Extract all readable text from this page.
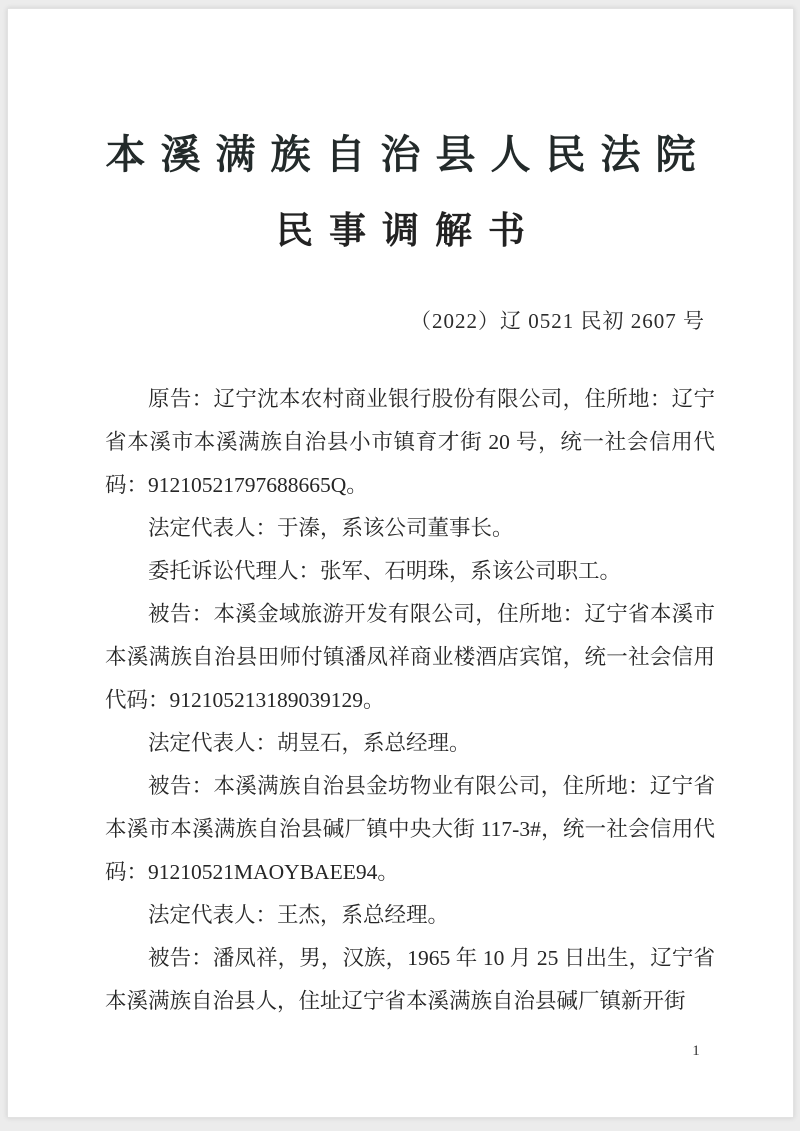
本溪满族自治县人民法院
民事调解书
（2022）辽 0521 民初 2607 号

原告：辽宁沈本农村商业银行股份有限公司，住所地：辽宁省本溪市本溪满族自治县小市镇育才街 20 号，统一社会信用代码：91210521797688665Q。

法定代表人：于溱，系该公司董事长。

委托诉讼代理人：张军、石明珠，系该公司职工。

被告：本溪金域旅游开发有限公司，住所地：辽宁省本溪市本溪满族自治县田师付镇潘凤祥商业楼酒店宾馆，统一社会信用代码：912105213189039129。

法定代表人：胡昱石，系总经理。

被告：本溪满族自治县金坊物业有限公司，住所地：辽宁省本溪市本溪满族自治县碱厂镇中央大街 117-3#，统一社会信用代码：91210521MAOYBAEE94。

法定代表人：王杰，系总经理。

被告：潘凤祥，男，汉族，1965 年 10 月 25 日出生，辽宁省本溪满族自治县人，住址辽宁省本溪满族自治县碱厂镇新开街

1
